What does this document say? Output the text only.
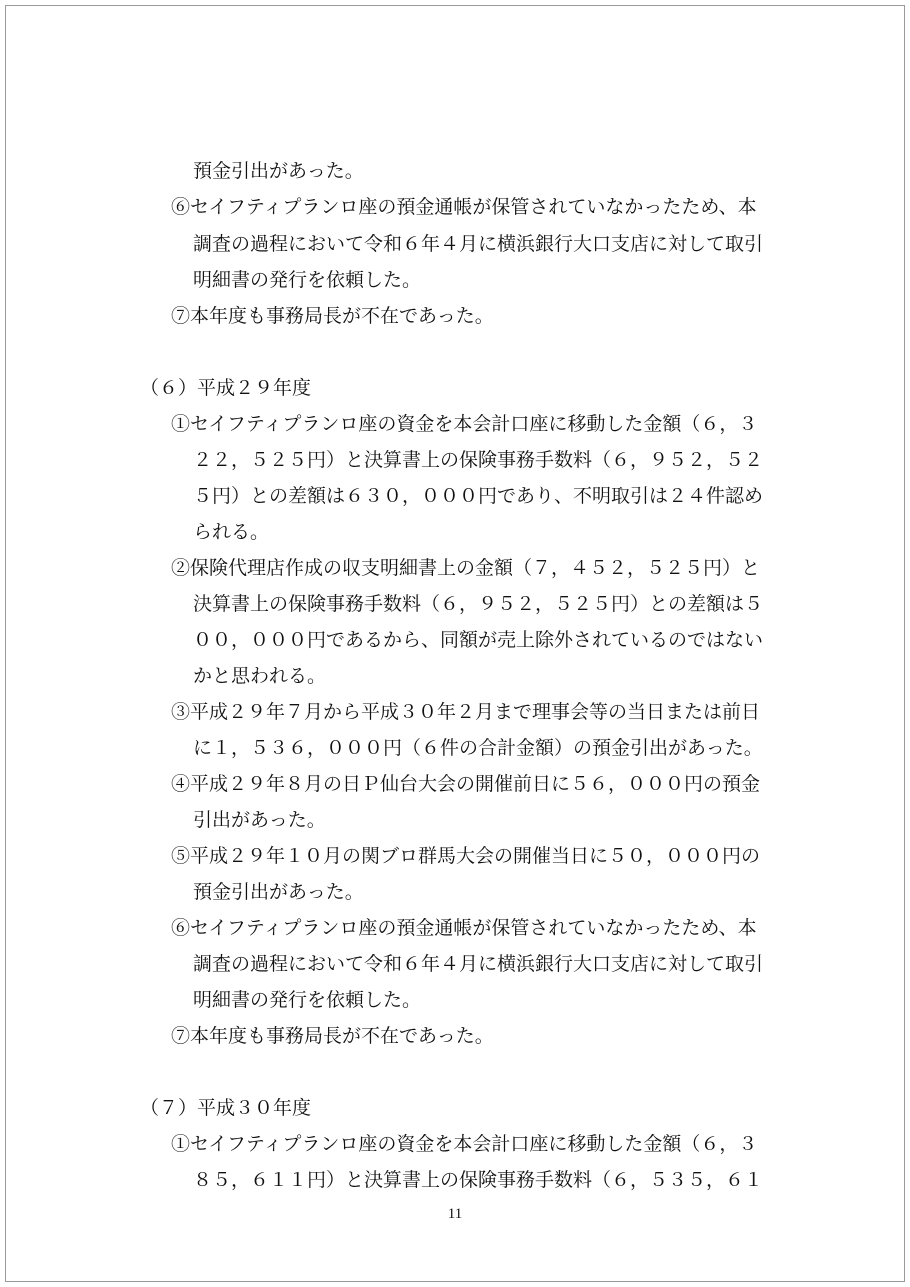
預金引出があった。
⑥セイフティプランロ座の預金通帳が保管されていなかったため、本
調査の過程において令和６年４月に横浜銀行大口支店に対して取引
明細書の発行を依頼した。
⑦本年度も事務局長が不在であった。
（６）平成２９年度
①セイフティプランロ座の資金を本会計口座に移動した金額（６，３
２２，５２５円）と決算書上の保険事務手数料（６，９５２，５２
５円）との差額は６３０，０００円であり、不明取引は２４件認め
られる。
②保険代理店作成の収支明細書上の金額（７，４５２，５２５円）と
決算書上の保険事務手数料（６，９５２，５２５円）との差額は５
００，０００円であるから、同額が売上除外されているのではない
かと思われる。
③平成２９年７月から平成３０年２月まで理事会等の当日または前日
に１，５３６，０００円（６件の合計金額）の預金引出があった。
④平成２９年８月の日Ｐ仙台大会の開催前日に５６，０００円の預金
引出があった。
⑤平成２９年１０月の関ブロ群馬大会の開催当日に５０，０００円の
預金引出があった。
⑥セイフティプランロ座の預金通帳が保管されていなかったため、本
調査の過程において令和６年４月に横浜銀行大口支店に対して取引
明細書の発行を依頼した。
⑦本年度も事務局長が不在であった。
（７）平成３０年度
①セイフティプランロ座の資金を本会計口座に移動した金額（６，３
８５，６１１円）と決算書上の保険事務手数料（６，５３５，６１
11
